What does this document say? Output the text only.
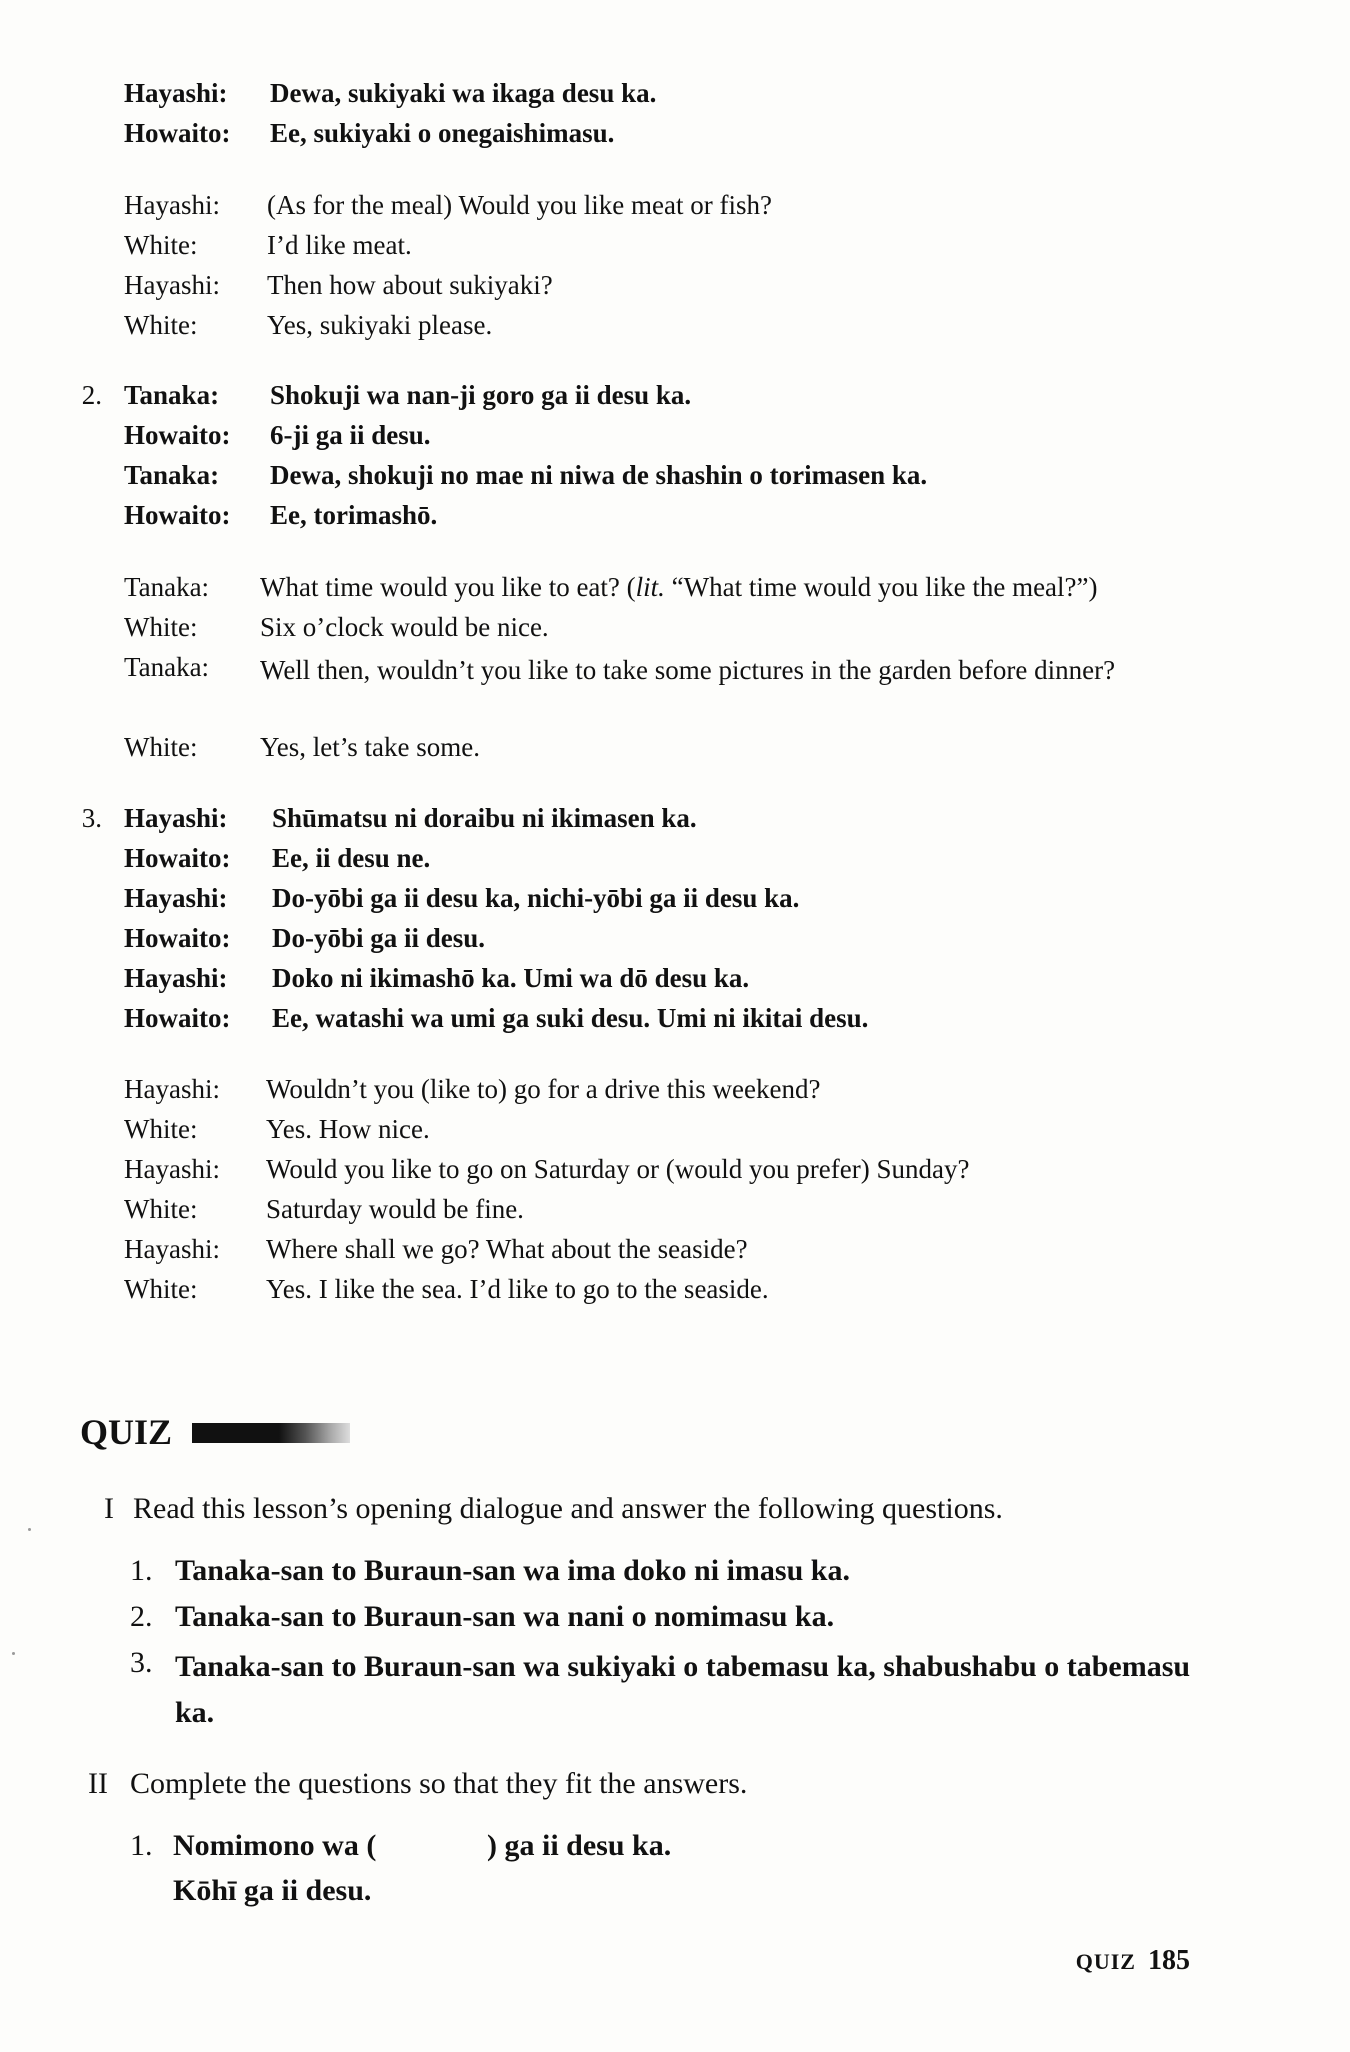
Hayashi: Dewa, sukiyaki wa ikaga desu ka.
Howaito: Ee, sukiyaki o onegaishimasu.
Hayashi: (As for the meal) Would you like meat or fish?
White:	I’d like meat.
Hayashi: Then how about sukiyaki?
White:	Yes, sukiyaki please.
2. Tanaka: Shokuji wa nan-ji goro ga ii desu ka.
Howaito: 6-ji ga ii desu.
Tanaka: Dewa, shokuji no mae ni niwa de shashin o torimasen ka.
Howaito: Ee, torimashō.
Tanaka: What time would you like to eat? (lit. “What time would you like the meal?”)
White: Six o’clock would be nice.
Tanaka: Well then, wouldn’t you like to take some pictures in the garden before dinner?
White: Yes, let’s take some.
3. Hayashi: Shūmatsu ni doraibu ni ikimasen ka.
Howaito: Ee, ii desu ne.
Hayashi: Do-yōbi ga ii desu ka, nichi-yōbi ga ii desu ka.
Howaito: Do-yōbi ga ii desu.
Hayashi: Doko ni ikimashō ka. Umi wa dō desu ka.
Howaito: Ee, watashi wa umi ga suki desu. Umi ni ikitai desu.
Hayashi: Wouldn’t you (like to) go for a drive this weekend?
White:	Yes. How nice.
Hayashi: Would you like to go on Saturday or (would you prefer) Sunday?
White:	Saturday would be fine.
Hayashi: Where shall we go? What about the seaside?
White:	Yes. I like the sea. I’d like to go to the seaside.
QUIZ
I Read this lesson’s opening dialogue and answer the following questions.
1. Tanaka-san to Buraun-san wa ima doko ni imasu ka.
2. Tanaka-san to Buraun-san wa nani o nomimasu ka.
3. Tanaka-san to Buraun-san wa sukiyaki o tabemasu ka, shabushabu o tabemasu ka.
II Complete the questions so that they fit the answers.
1. Nomimono wa (	) ga ii desu ka.
Kōhī ga ii desu.
QUIZ 185
